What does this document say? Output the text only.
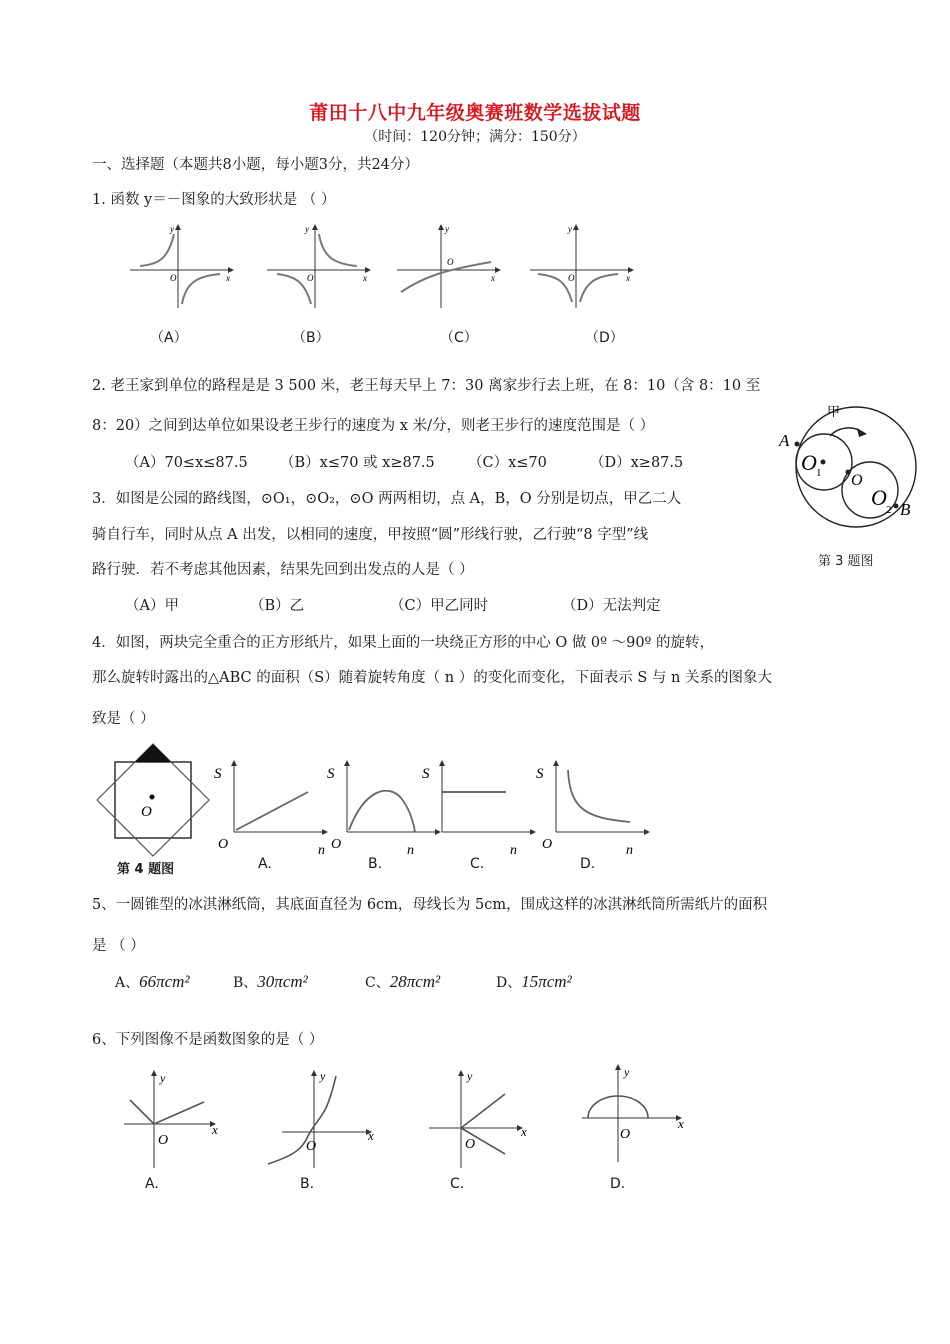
莆田十八中九年级奥赛班数学选拔试题
（时间：120分钟；满分：150分）
一、选择题（本题共8小题，每小题3分，共24分）
1. 函数 y＝－图象的大致形状是 （ ）
O	x
y
O	x
y
O
x
y
O	x
y
（A）	（B）	（C）	（D）
2. 老王家到单位的路程是是 3 500 米，老王每天早上 7：30 离家步行去上班，在 8：10（含 8：10 至
8：20）之间到达单位如果设老王步行的速度为 x 米/分，则老王步行的速度范围是（ ）
（A）70≤x≤87.5 （B）x≤70 或 x≥87.5 （C）x≤70	（D）x≥87.5
甲
A
O 1 O
O 2 B
第 3 题图
3．如图是公园的路线图，⊙O₁，⊙O₂，⊙O 两两相切，点 A，B，O 分别是切点，甲乙二人
骑自行车，同时从点 A 出发，以相同的速度，甲按照“圆”形线行驶，乙行驶“8 字型”线
路行驶．若不考虑其他因素，结果先回到出发点的人是（ ）
（A）甲	（B）乙	（C）甲乙同时	（D）无法判定
4．如图，两块完全重合的正方形纸片，如果上面的一块绕正方形的中心 O 做 0º ～90º 的旋转，
那么旋转时露出的△ABC 的面积（S）随着旋转角度（ n ）的变化而变化，下面表示 S 与 n 关系的图象大
致是（ ）
O
第 4 题图
S
O	n
S
O	n
S
n
S
O	n
A.	B.	C.	D.
5、一圆锥型的冰淇淋纸筒，其底面直径为 6cm，母线长为 5cm，围成这样的冰淇淋纸筒所需纸片的面积
是 （ ）
A、66πcm²	B、30πcm²	C、28πcm²	D、15πcm²
6、下列图像不是函数图象的是（ ）
O
x
y
O
x
y
O
x
y
O
x
y
A.	B.	C.	D.
